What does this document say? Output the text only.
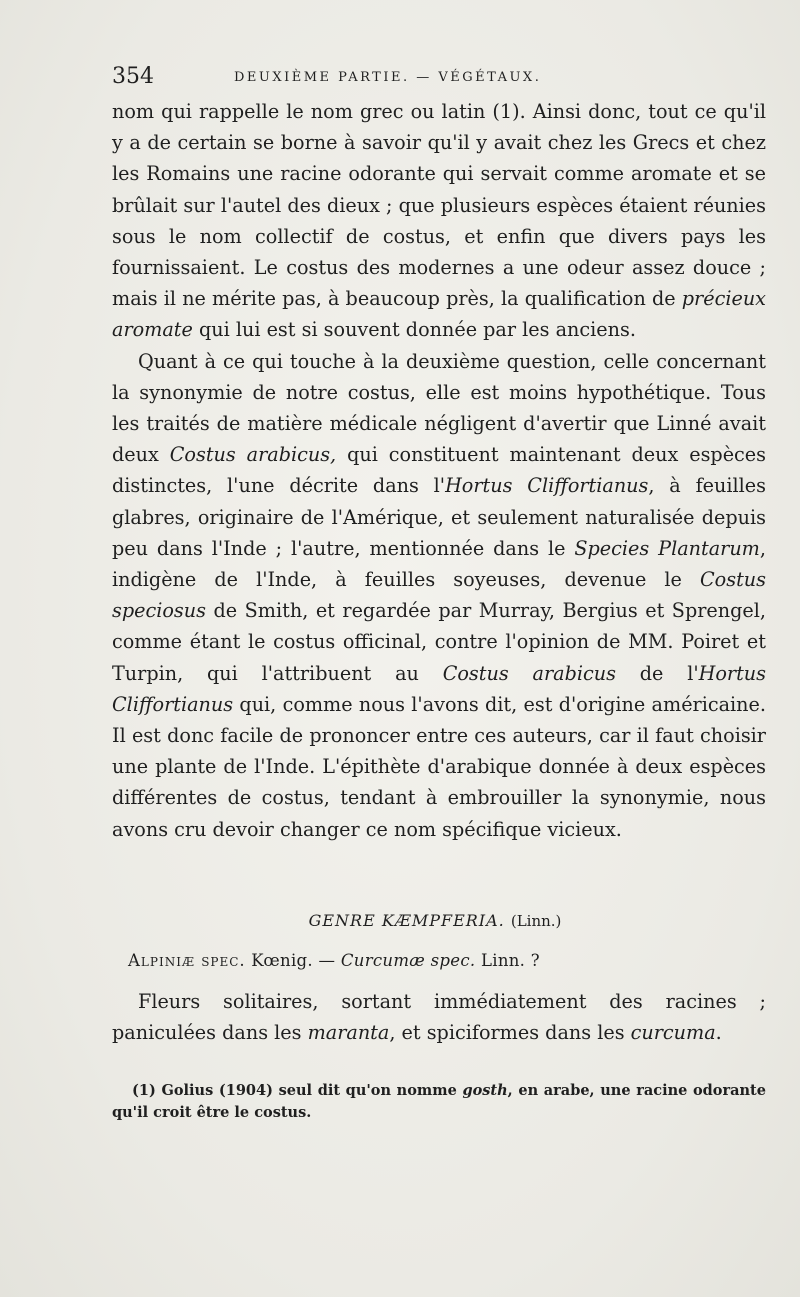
354	DEUXIÈME PARTIE. — VÉGÉTAUX.

nom qui rappelle le nom grec ou latin (1). Ainsi donc, tout ce qu'il y a de certain se borne à savoir qu'il y avait chez les Grecs et chez les Romains une racine odorante qui servait comme aromate et se brûlait sur l'autel des dieux ; que plusieurs espèces étaient réunies sous le nom collectif de costus, et enfin que divers pays les fournissaient. Le costus des modernes a une odeur assez douce ; mais il ne mérite pas, à beaucoup près, la qualification de précieux aromate qui lui est si souvent donnée par les anciens.

Quant à ce qui touche à la deuxième question, celle concernant la synonymie de notre costus, elle est moins hypothétique. Tous les traités de matière médicale négligent d'avertir que Linné avait deux Costus arabicus, qui constituent maintenant deux espèces distinctes, l'une décrite dans l'Hortus Cliffortianus, à feuilles glabres, originaire de l'Amérique, et seulement naturalisée depuis peu dans l'Inde ; l'autre, mentionnée dans le Species Plantarum, indigène de l'Inde, à feuilles soyeuses, devenue le Costus speciosus de Smith, et regardée par Murray, Bergius et Sprengel, comme étant le costus officinal, contre l'opinion de MM. Poiret et Turpin, qui l'attribuent au Costus arabicus de l'Hortus Cliffortianus qui, comme nous l'avons dit, est d'origine américaine. Il est donc facile de prononcer entre ces auteurs, car il faut choisir une plante de l'Inde. L'épithète d'arabique donnée à deux espèces différentes de costus, tendant à embrouiller la synonymie, nous avons cru devoir changer ce nom spécifique vicieux.

GENRE KÆMPFERIA. (Linn.)
Alpiniæ spec. Kœnig. — Curcumæ spec. Linn. ?

Fleurs solitaires, sortant immédiatement des racines ; paniculées dans les maranta, et spiciformes dans les curcuma.

(1) Golius (1904) seul dit qu'on nomme gosth, en arabe, une racine odorante qu'il croit être le costus.
